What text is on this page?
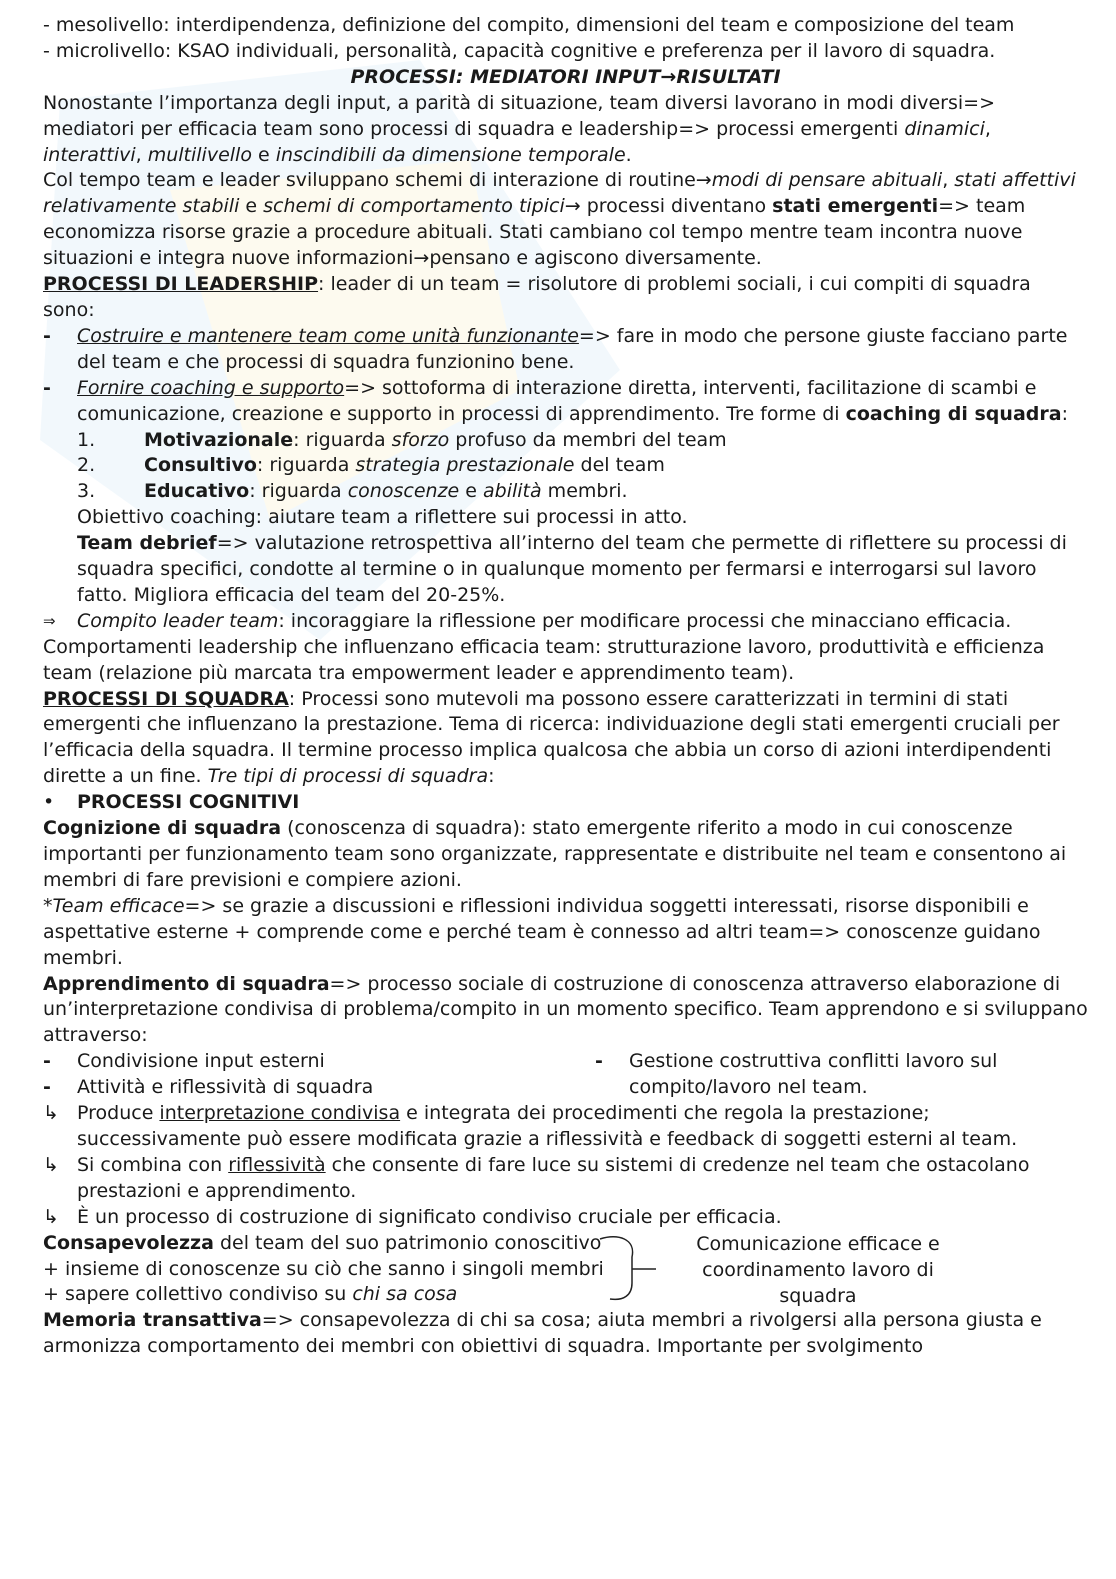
- mesolivello: interdipendenza, definizione del compito, dimensioni del team e composizione del team

- microlivello: KSAO individuali, personalità, capacità cognitive e preferenza per il lavoro di squadra.

PROCESSI: MEDIATORI INPUT→RISULTATI

Nonostante l’importanza degli input, a parità di situazione, team diversi lavorano in modi diversi=> mediatori per efficacia team sono processi di squadra e leadership=> processi emergenti dinamici, interattivi, multilivello e inscindibili da dimensione temporale.

Col tempo team e leader sviluppano schemi di interazione di routine→modi di pensare abituali, stati affettivi relativamente stabili e schemi di comportamento tipici→ processi diventano stati emergenti=> team economizza risorse grazie a procedure abituali. Stati cambiano col tempo mentre team incontra nuove situazioni e integra nuove informazioni→pensano e agiscono diversamente.

PROCESSI DI LEADERSHIP: leader di un team = risolutore di problemi sociali, i cui compiti di squadra sono:

-	Costruire e mantenere team come unità funzionante=> fare in modo che persone giuste facciano parte del team e che processi di squadra funzionino bene.
-	Fornire coaching e supporto=> sottoforma di interazione diretta, interventi, facilitazione di scambi e comunicazione, creazione e supporto in processi di apprendimento. Tre forme di coaching di squadra:
1.	Motivazionale: riguarda sforzo profuso da membri del team
2.	Consultivo: riguarda strategia prestazionale del team
3.	Educativo: riguarda conoscenze e abilità membri.

Obiettivo coaching: aiutare team a riflettere sui processi in atto.

Team debrief=> valutazione retrospettiva all’interno del team che permette di riflettere su processi di squadra specifici, condotte al termine o in qualunque momento per fermarsi e interrogarsi sul lavoro fatto. Migliora efficacia del team del 20-25%.

⇒	Compito leader team: incoraggiare la riflessione per modificare processi che minacciano efficacia.

Comportamenti leadership che influenzano efficacia team: strutturazione lavoro, produttività e efficienza team (relazione più marcata tra empowerment leader e apprendimento team).

PROCESSI DI SQUADRA: Processi sono mutevoli ma possono essere caratterizzati in termini di stati emergenti che influenzano la prestazione. Tema di ricerca: individuazione degli stati emergenti cruciali per

l’efficacia della squadra. Il termine processo implica qualcosa che abbia un corso di azioni interdipendenti dirette a un fine. Tre tipi di processi di squadra:

•	PROCESSI COGNITIVI

Cognizione di squadra (conoscenza di squadra): stato emergente riferito a modo in cui conoscenze importanti per funzionamento team sono organizzate, rappresentate e distribuite nel team e consentono ai membri di fare previsioni e compiere azioni.

*Team efficace=> se grazie a discussioni e riflessioni individua soggetti interessati, risorse disponibili e aspettative esterne + comprende come e perché team è connesso ad altri team=> conoscenze guidano membri.

Apprendimento di squadra=> processo sociale di costruzione di conoscenza attraverso elaborazione di un’interpretazione condivisa di problema/compito in un momento specifico. Team apprendono e si sviluppano attraverso:

-	Condivisione input esterni
-	Attività e riflessività di squadra
-	Gestione costruttiva conflitti lavoro sul compito/lavoro nel team.
↳ Produce interpretazione condivisa e integrata dei procedimenti che regola la prestazione; successivamente può essere modificata grazie a riflessività e feedback di soggetti esterni al team.
↳ Si combina con riflessività che consente di fare luce su sistemi di credenze nel team che ostacolano prestazioni e apprendimento.
↳ È un processo di costruzione di significato condiviso cruciale per efficacia.

Consapevolezza del team del suo patrimonio conoscitivo

+ insieme di conoscenze su ciò che sanno i singoli membri

+ sapere collettivo condiviso su chi sa cosa

Comunicazione efficace e coordinamento lavoro di squadra

Memoria transattiva=> consapevolezza di chi sa cosa; aiuta membri a rivolgersi alla persona giusta e armonizza comportamento dei membri con obiettivi di squadra. Importante per svolgimento
